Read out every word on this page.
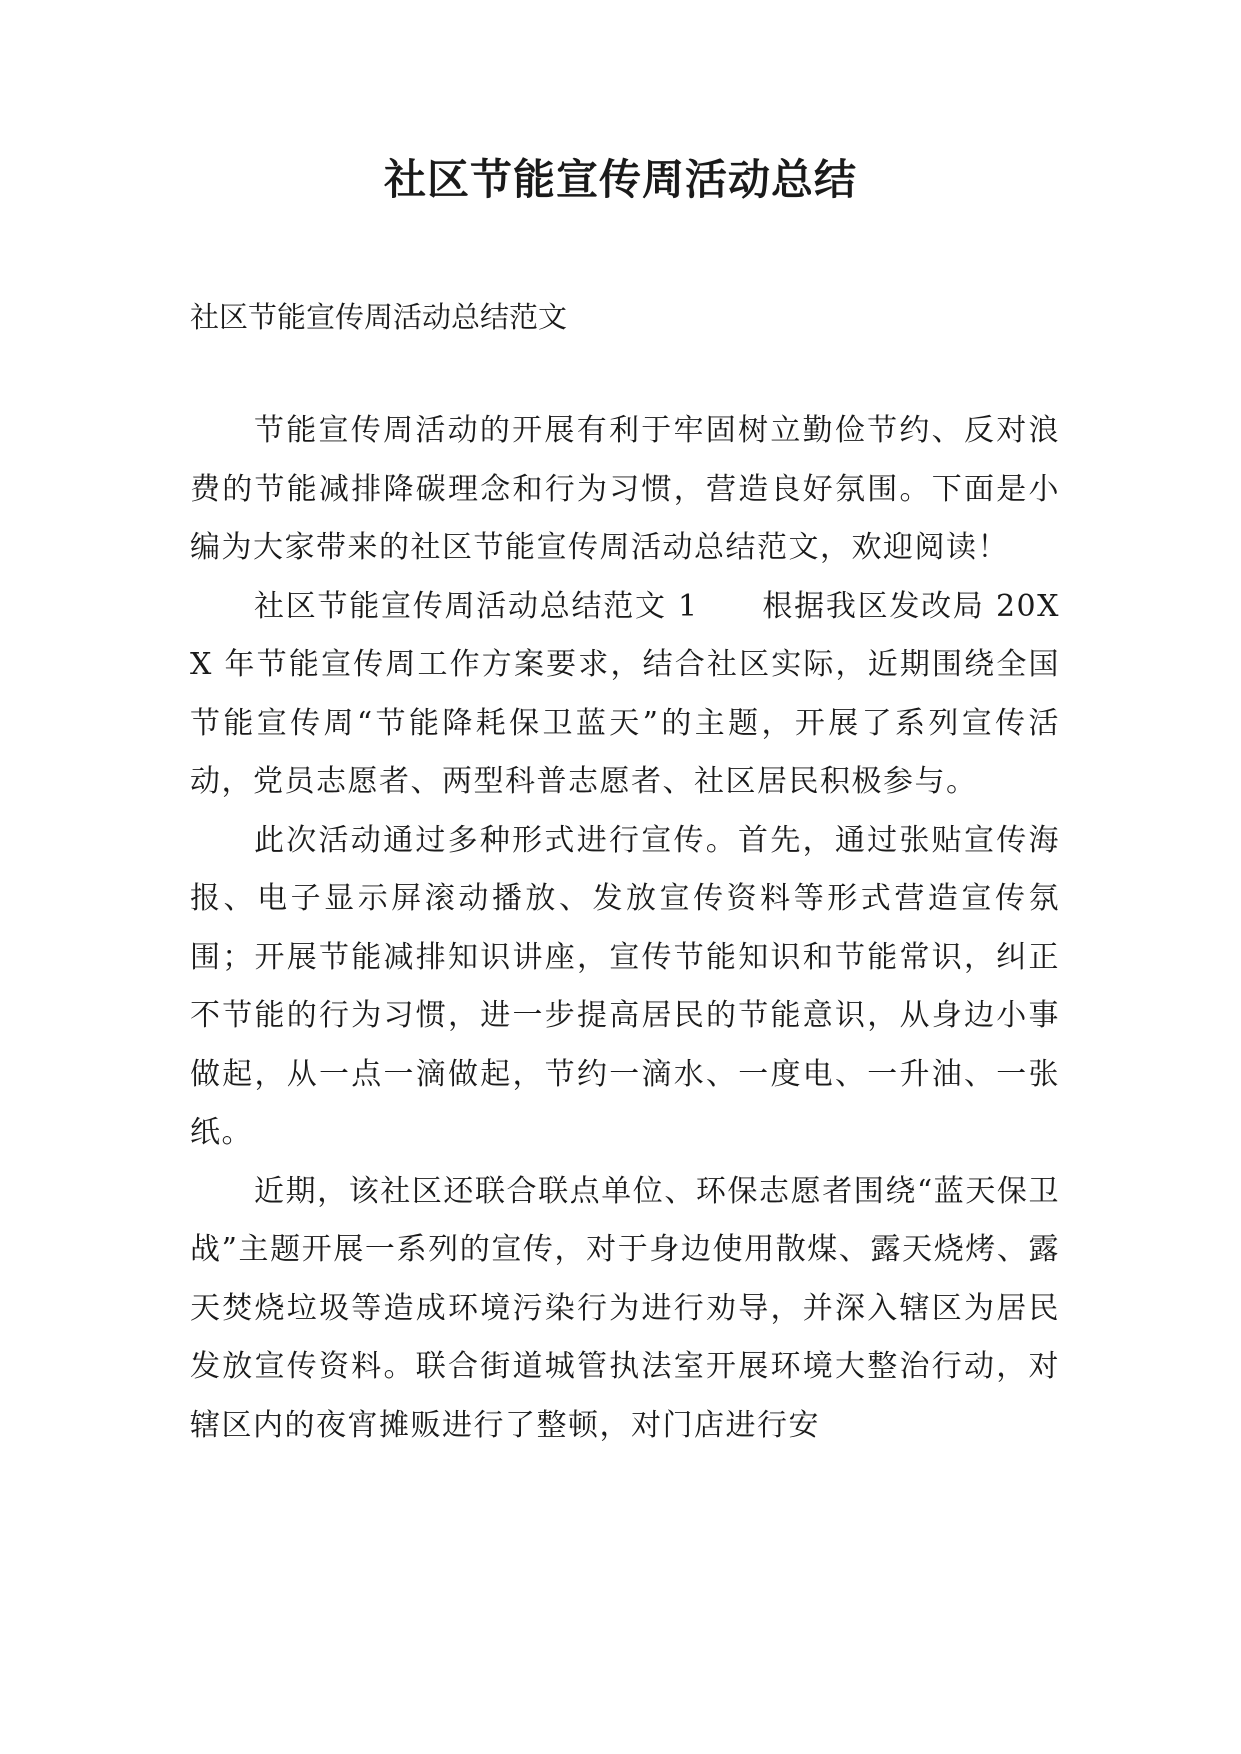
社区节能宣传周活动总结

社区节能宣传周活动总结范文

节能宣传周活动的开展有利于牢固树立勤俭节约、反对浪费的节能减排降碳理念和行为习惯，营造良好氛围。下面是小编为大家带来的社区节能宣传周活动总结范文，欢迎阅读！

社区节能宣传周活动总结范文 1　　根据我区发改局 20XX 年节能宣传周工作方案要求，结合社区实际，近期围绕全国节能宣传周“节能降耗保卫蓝天”的主题，开展了系列宣传活动，党员志愿者、两型科普志愿者、社区居民积极参与。

此次活动通过多种形式进行宣传。首先，通过张贴宣传海报、电子显示屏滚动播放、发放宣传资料等形式营造宣传氛围；开展节能减排知识讲座，宣传节能知识和节能常识，纠正不节能的行为习惯，进一步提高居民的节能意识，从身边小事做起，从一点一滴做起，节约一滴水、一度电、一升油、一张纸。

近期，该社区还联合联点单位、环保志愿者围绕“蓝天保卫战”主题开展一系列的宣传，对于身边使用散煤、露天烧烤、露天焚烧垃圾等造成环境污染行为进行劝导，并深入辖区为居民发放宣传资料。联合街道城管执法室开展环境大整治行动，对辖区内的夜宵摊贩进行了整顿，对门店进行安
